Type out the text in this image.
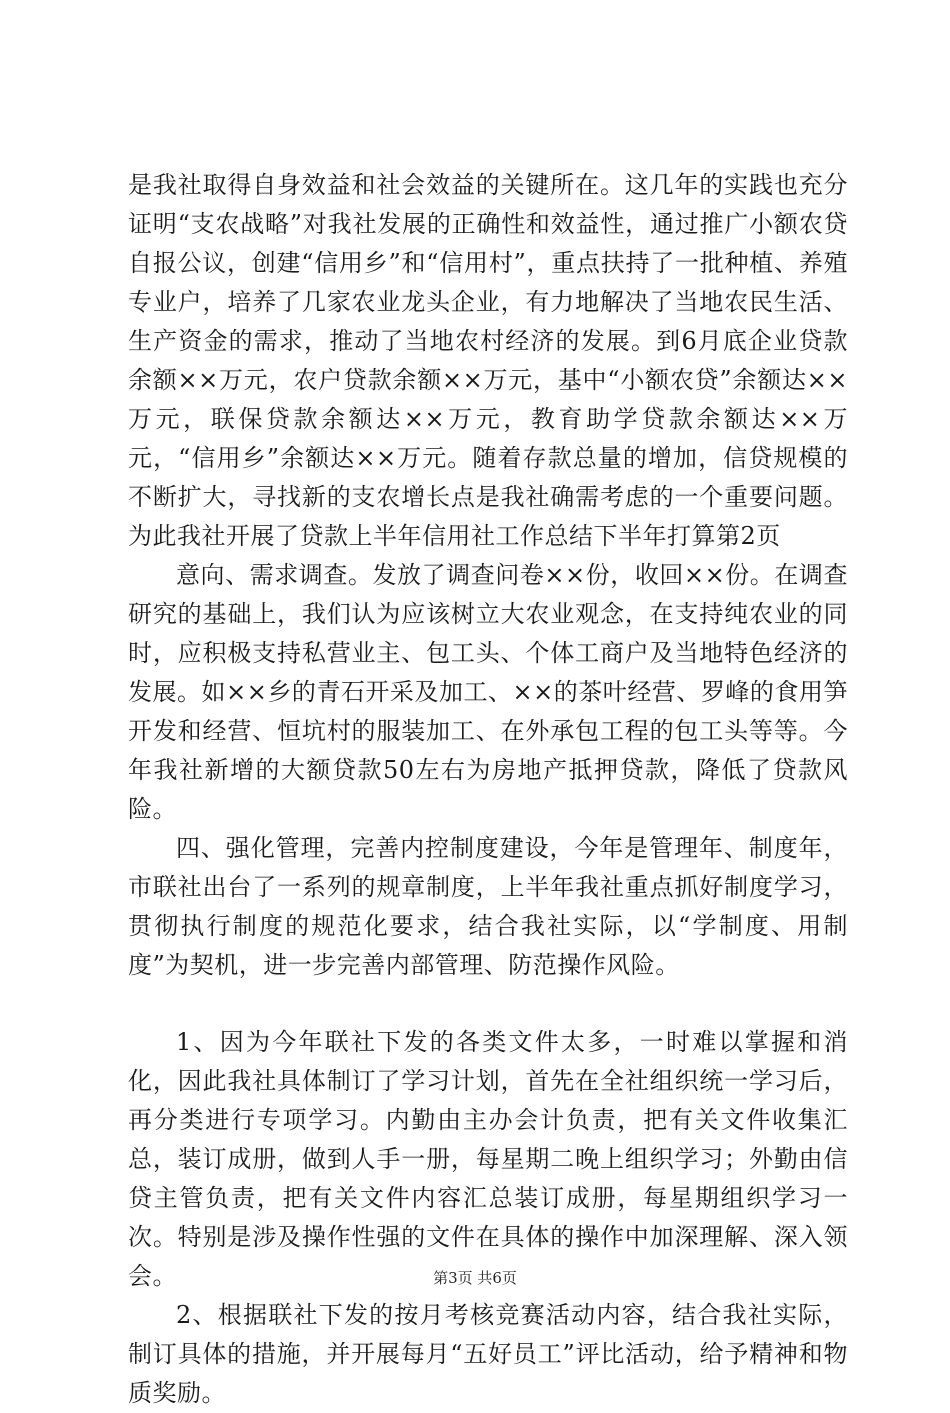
是我社取得自身效益和社会效益的关键所在。这几年的实践也充分证明“支农战略”对我社发展的正确性和效益性，通过推广小额农贷自报公议，创建“信用乡”和“信用村”，重点扶持了一批种植、养殖专业户，培养了几家农业龙头企业，有力地解决了当地农民生活、生产资金的需求，推动了当地农村经济的发展。到6月底企业贷款余额××万元，农户贷款余额××万元，基中“小额农贷”余额达××万元，联保贷款余额达××万元，教育助学贷款余额达××万元，“信用乡”余额达××万元。随着存款总量的增加，信贷规模的不断扩大，寻找新的支农增长点是我社确需考虑的一个重要问题。为此我社开展了贷款上半年信用社工作总结下半年打算第2页

意向、需求调查。发放了调查问卷××份，收回××份。在调查研究的基础上，我们认为应该树立大农业观念，在支持纯农业的同时，应积极支持私营业主、包工头、个体工商户及当地特色经济的发展。如××乡的青石开采及加工、××的茶叶经营、罗峰的食用笋开发和经营、恒坑村的服装加工、在外承包工程的包工头等等。今年我社新增的大额贷款50左右为房地产抵押贷款，降低了贷款风险。

四、强化管理，完善内控制度建设，今年是管理年、制度年，市联社出台了一系列的规章制度，上半年我社重点抓好制度学习，贯彻执行制度的规范化要求，结合我社实际，以“学制度、用制度”为契机，进一步完善内部管理、防范操作风险。

1、因为今年联社下发的各类文件太多，一时难以掌握和消化，因此我社具体制订了学习计划，首先在全社组织统一学习后，再分类进行专项学习。内勤由主办会计负责，把有关文件收集汇总，装订成册，做到人手一册，每星期二晚上组织学习；外勤由信贷主管负责，把有关文件内容汇总装订成册，每星期组织学习一次。特别是涉及操作性强的文件在具体的操作中加深理解、深入领会。

2、根据联社下发的按月考核竞赛活动内容，结合我社实际，制订具体的措施，并开展每月“五好员工”评比活动，给予精神和物质奖励。

第3页 共6页
